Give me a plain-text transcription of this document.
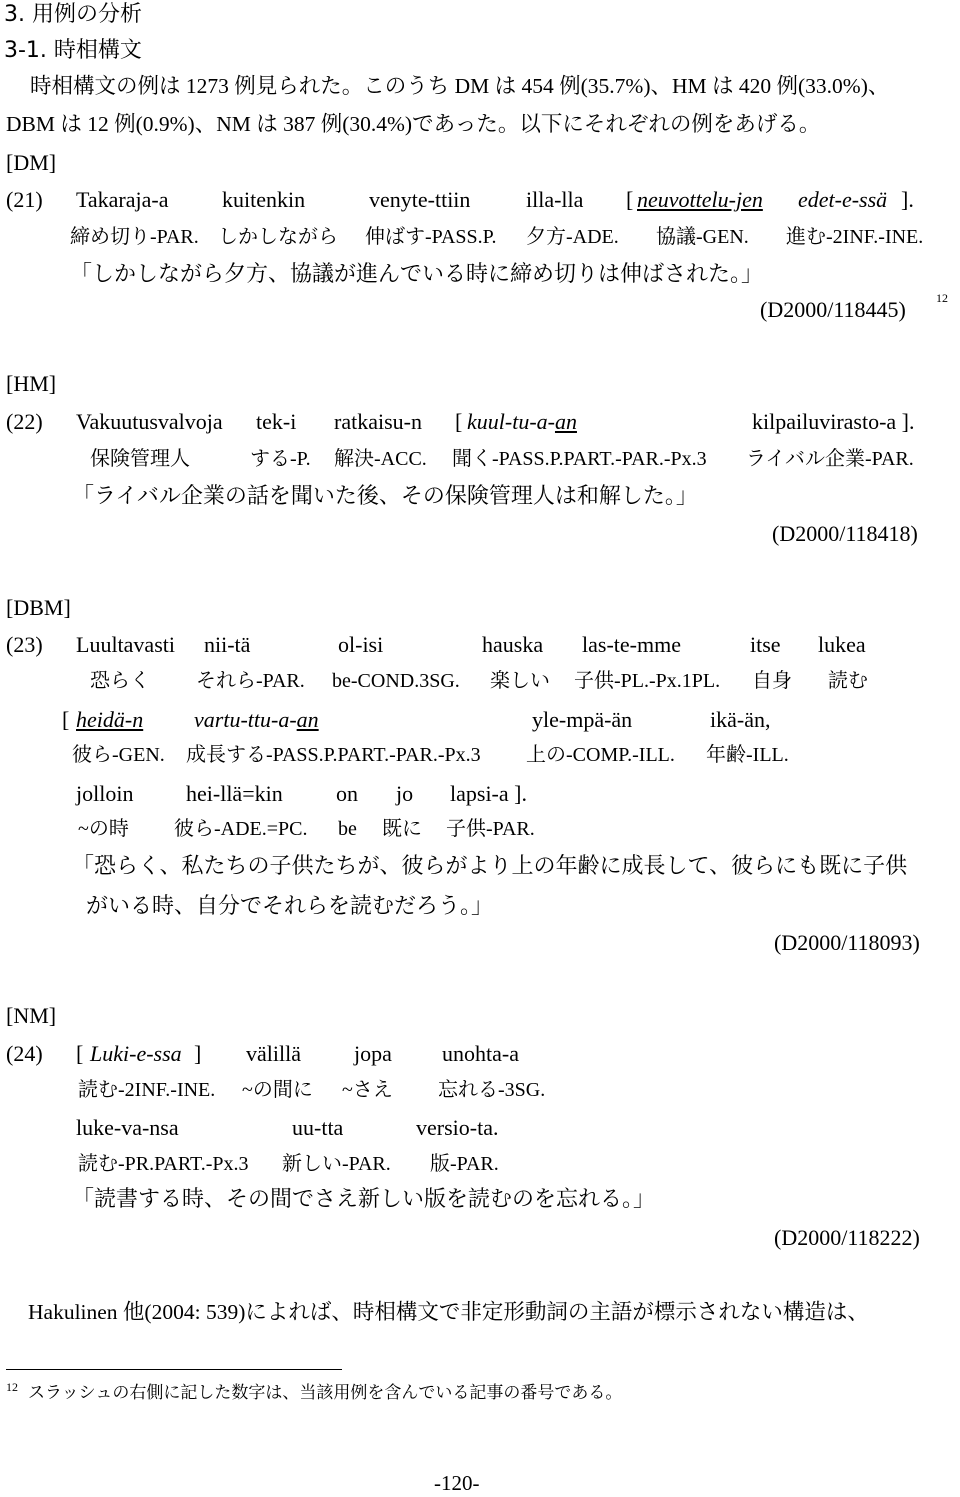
3. 用例の分析
3-1. 時相構文
時相構文の例は 1273 例見られた。このうち DM は 454 例(35.7%)、HM は 420 例(33.0%)、
DBM は 12 例(0.9%)、NM は 387 例(30.4%)であった。以下にそれぞれの例をあげる。
[DM]
(21) Takaraja-a kuitenkin	venyte-ttiin	illa-lla [ neuvottelu-jen edet-e-ssä ].
締め切り-PAR. しかしながら 伸ばす-PASS.P. 夕方-ADE. 協議-GEN. 進む-2INF.-INE.
「しかしながら夕方、協議が進んでいる時に締め切りは伸ばされた。」
(D2000/118445)	12
[HM]
(22) Vakuutusvalvoja tek-i ratkaisu-n [ kuul-tu-a-an	kilpailuvirasto-a ].
保険管理人	する-P. 解決-ACC. 聞く-PASS.P.PART.-PAR.-Px.3 ライバル企業-PAR.
「ライバル企業の話を聞いた後、その保険管理人は和解した。」
(D2000/118418)
[DBM]
(23) Luultavasti nii-tä	ol-isi	hauska las-te-mme	itse lukea
恐らく それら-PAR. be-COND.3SG. 楽しい 子供-PL.-Px.1PL. 自身 読む
[ heidä-n vartu-ttu-a-an	yle-mpä-än	ikä-än,
彼ら-GEN. 成長する-PASS.P.PART.-PAR.-Px.3 上の-COMP.-ILL. 年齢-ILL.
jolloin hei-llä=kin on jo lapsi-a ].
~の時 彼ら-ADE.=PC. be 既に 子供-PAR.
「恐らく、私たちの子供たちが、彼らがより上の年齢に成長して、彼らにも既に子供
がいる時、自分でそれらを読むだろう。」
(D2000/118093)
[NM]
(24) [ Luki-e-ssa ] välillä jopa unohta-a
読む-2INF.-INE. ~の間に ~さえ 忘れる-3SG.
luke-va-nsa	uu-tta	versio-ta.
読む-PR.PART.-Px.3 新しい-PAR. 版-PAR.
「読書する時、その間でさえ新しい版を読むのを忘れる。」
(D2000/118222)
Hakulinen 他(2004: 539)によれば、時相構文で非定形動詞の主語が標示されない構造は、
12 スラッシュの右側に記した数字は、当該用例を含んでいる記事の番号である。
-120-
